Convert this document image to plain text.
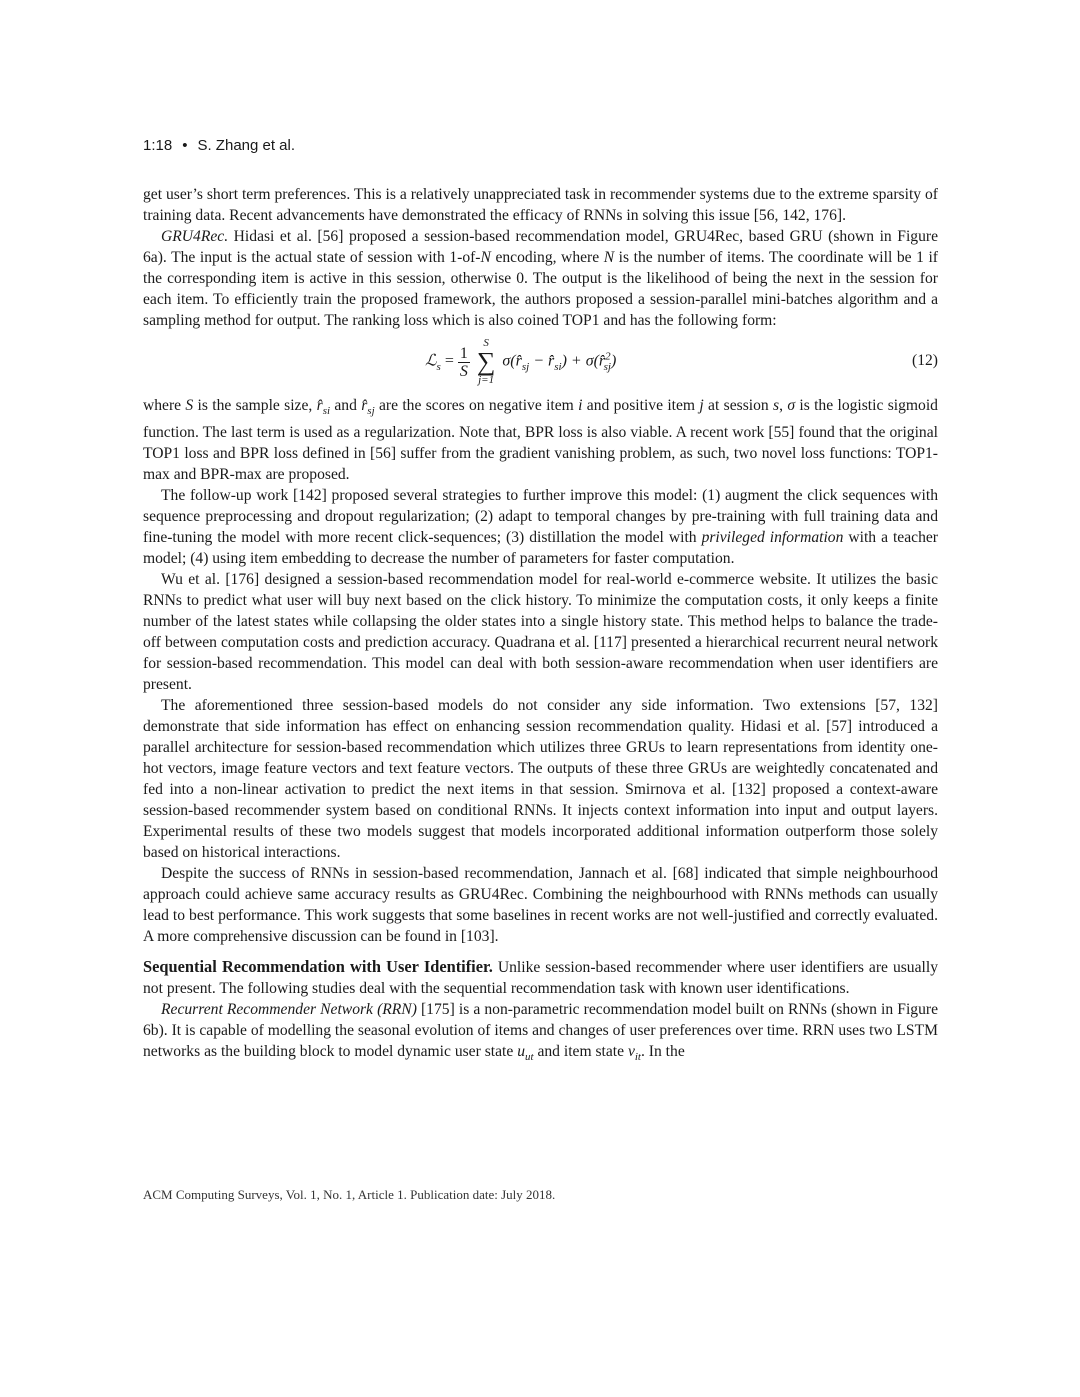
1:18 • S. Zhang et al.

get user’s short term preferences. This is a relatively unappreciated task in recommender systems due to the extreme sparsity of training data. Recent advancements have demonstrated the efficacy of RNNs in solving this issue [56, 142, 176].

GRU4Rec. Hidasi et al. [56] proposed a session-based recommendation model, GRU4Rec, based GRU (shown in Figure 6a). The input is the actual state of session with 1-of-N encoding, where N is the number of items. The coordinate will be 1 if the corresponding item is active in this session, otherwise 0. The output is the likelihood of being the next in the session for each item. To efficiently train the proposed framework, the authors proposed a session-parallel mini-batches algorithm and a sampling method for output. The ranking loss which is also coined TOP1 and has the following form:

ℒ$_s$ = $\frac{1}{S}$

S
∑
j=1
$\sigma(r̂_{sj}$ − $r̂_{si}$) + σ(r̂$^2_{sj}$)	(12)

where S is the sample size, $r̂_{si}$ and $r̂_{sj}$ are the scores on negative item i and positive item j at session s, σ is the logistic sigmoid function. The last term is used as a regularization. Note that, BPR loss is also viable. A recent work [55] found that the original TOP1 loss and BPR loss defined in [56] suffer from the gradient vanishing problem, as such, two novel loss functions: TOP1-max and BPR-max are proposed.

The follow-up work [142] proposed several strategies to further improve this model: (1) augment the click sequences with sequence preprocessing and dropout regularization; (2) adapt to temporal changes by pre-training with full training data and fine-tuning the model with more recent click-sequences; (3) distillation the model with privileged information with a teacher model; (4) using item embedding to decrease the number of parameters for faster computation.

Wu et al. [176] designed a session-based recommendation model for real-world e-commerce website. It utilizes the basic RNNs to predict what user will buy next based on the click history. To minimize the computation costs, it only keeps a finite number of the latest states while collapsing the older states into a single history state. This method helps to balance the trade-off between computation costs and prediction accuracy. Quadrana et al. [117] presented a hierarchical recurrent neural network for session-based recommendation. This model can deal with both session-aware recommendation when user identifiers are present.

The aforementioned three session-based models do not consider any side information. Two extensions [57, 132] demonstrate that side information has effect on enhancing session recommendation quality. Hidasi et al. [57] introduced a parallel architecture for session-based recommendation which utilizes three GRUs to learn representations from identity one-hot vectors, image feature vectors and text feature vectors. The outputs of these three GRUs are weightedly concatenated and fed into a non-linear activation to predict the next items in that session. Smirnova et al. [132] proposed a context-aware session-based recommender system based on conditional RNNs. It injects context information into input and output layers. Experimental results of these two models suggest that models incorporated additional information outperform those solely based on historical interactions.

Despite the success of RNNs in session-based recommendation, Jannach et al. [68] indicated that simple neighbourhood approach could achieve same accuracy results as GRU4Rec. Combining the neighbourhood with RNNs methods can usually lead to best performance. This work suggests that some baselines in recent works are not well-justified and correctly evaluated. A more comprehensive discussion can be found in [103].

Sequential Recommendation with User Identifier. Unlike session-based recommender where user identifiers are usually not present. The following studies deal with the sequential recommendation task with known user identifications.

Recurrent Recommender Network (RRN) [175] is a non-parametric recommendation model built on RNNs (shown in Figure 6b). It is capable of modelling the seasonal evolution of items and changes of user preferences over time. RRN uses two LSTM networks as the building block to model dynamic user state $u_{ut}$ and item state $v_{it}$. In the

ACM Computing Surveys, Vol. 1, No. 1, Article 1. Publication date: July 2018.
